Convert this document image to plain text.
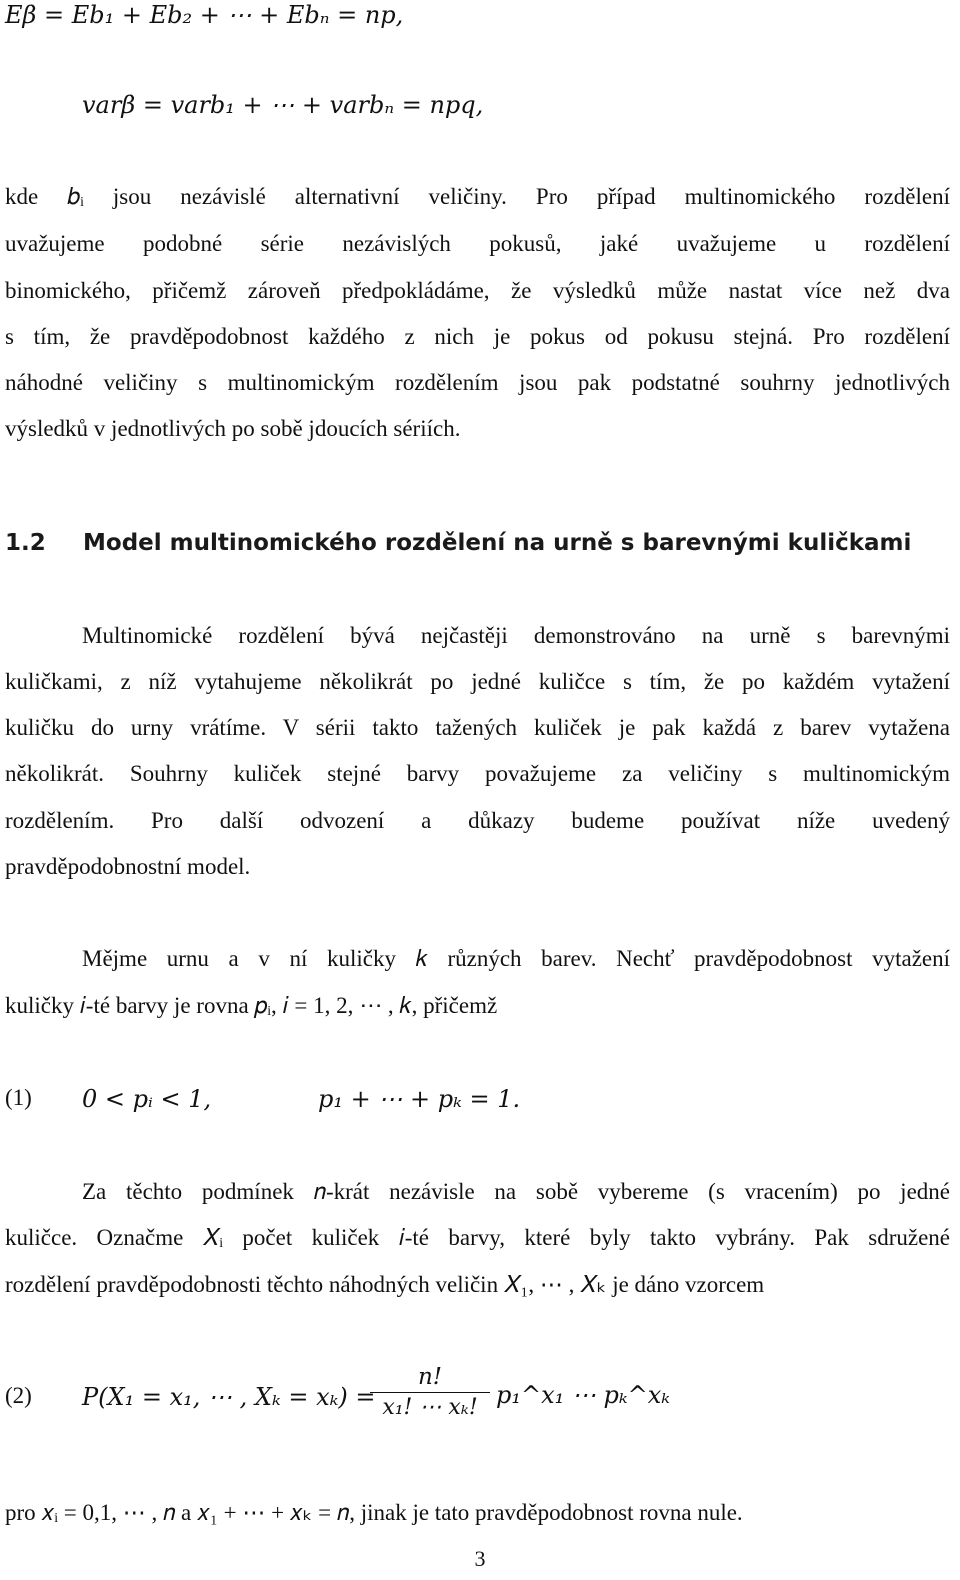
Eβ = Eb₁ + Eb₂ + ⋯ + Ebₙ = np,
varβ = varb₁ + ⋯ + varbₙ = npq,
kde 𝑏ᵢ jsou nezávislé alternativní veličiny. Pro případ multinomického rozdělení
uvažujeme podobné série nezávislých pokusů, jaké uvažujeme u rozdělení
binomického, přičemž zároveň předpokládáme, že výsledků může nastat více než dva
s tím, že pravděpodobnost každého z nich je pokus od pokusu stejná. Pro rozdělení
náhodné veličiny s multinomickým rozdělením jsou pak podstatné souhrny jednotlivých
výsledků v jednotlivých po sobě jdoucích sériích.
1.2 Model multinomického rozdělení na urně s barevnými kuličkami
Multinomické rozdělení bývá nejčastěji demonstrováno na urně s barevnými
kuličkami, z níž vytahujeme několikrát po jedné kuličce s tím, že po každém vytažení
kuličku do urny vrátíme. V sérii takto tažených kuliček je pak každá z barev vytažena
několikrát. Souhrny kuliček stejné barvy považujeme za veličiny s multinomickým
rozdělením. Pro další odvození a důkazy budeme používat níže uvedený
pravděpodobnostní model.
Mějme urnu a v ní kuličky 𝑘 různých barev. Nechť pravděpodobnost vytažení
kuličky 𝑖-té barvy je rovna 𝑝ᵢ, 𝑖 = 1, 2, ⋯ , 𝑘, přičemž
(1) 0 < 𝑝ᵢ < 1,	𝑝₁ + ⋯ + 𝑝ₖ = 1.
Za těchto podmínek 𝑛-krát nezávisle na sobě vybereme (s vracením) po jedné
kuličce. Označme 𝑋ᵢ počet kuliček 𝑖-té barvy, které byly takto vybrány. Pak sdružené
rozdělení pravděpodobnosti těchto náhodných veličin 𝑋₁, ⋯ , 𝑋ₖ je dáno vzorcem
(2) P(𝑋₁ = 𝑥₁, ⋯ , 𝑋ₖ = 𝑥ₖ) =
𝑛!
𝑥₁! ⋯ 𝑥ₖ! 𝑝₁^𝑥₁ ⋯ 𝑝ₖ^𝑥ₖ
pro 𝑥ᵢ = 0,1, ⋯ , 𝑛 a 𝑥₁ + ⋯ + 𝑥ₖ = 𝑛, jinak je tato pravděpodobnost rovna nule.
3
